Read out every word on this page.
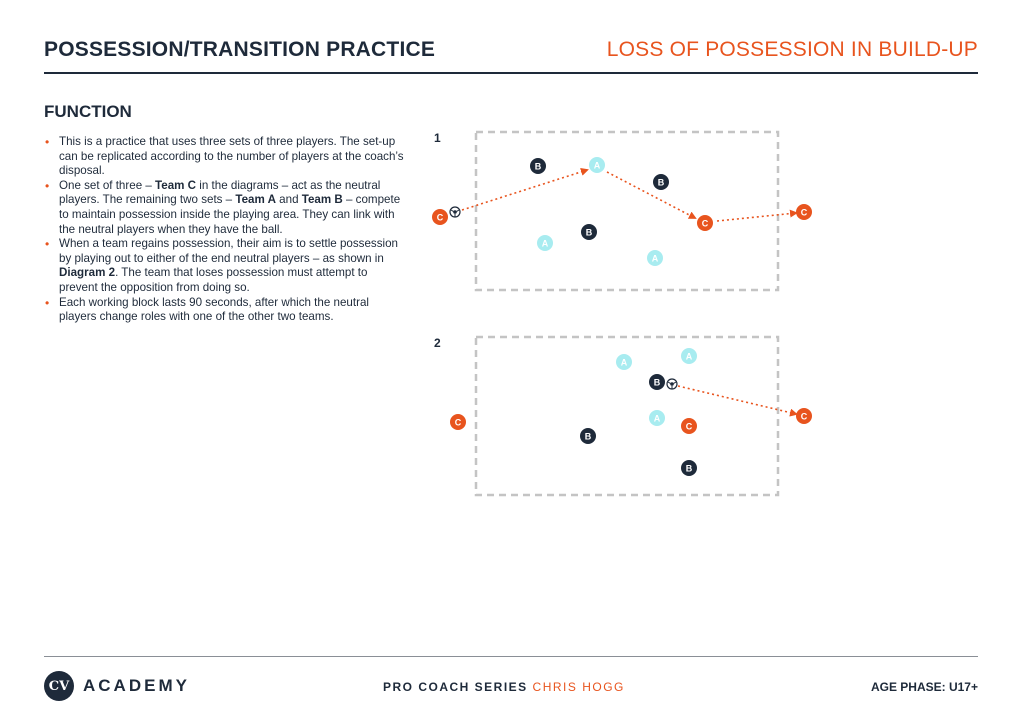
POSSESSION/TRANSITION PRACTICE	LOSS OF POSSESSION IN BUILD-UP
FUNCTION
• This is a practice that uses three sets of three players. The set-up can be replicated according to the number of players at the coach’s disposal.
• One set of three – Team C in the diagrams – act as the neutral players. The remaining two sets – Team A and Team B – compete to maintain possession inside the playing area. They can link with the neutral players when they have the ball.
• When a team regains possession, their aim is to settle possession by playing out to either of the end neutral players – as shown in Diagram 2. The team that loses possession must attempt to prevent the opposition from doing so.
• Each working block lasts 90 seconds, after which the neutral players change roles with one of the other two teams.
1
B	A
B
C
C
C
A
B
A
2
A
A
B
C	C
A	C
B
B
CV ACADEMY	PRO COACH SERIES CHRIS HOGG	AGE PHASE: U17+
